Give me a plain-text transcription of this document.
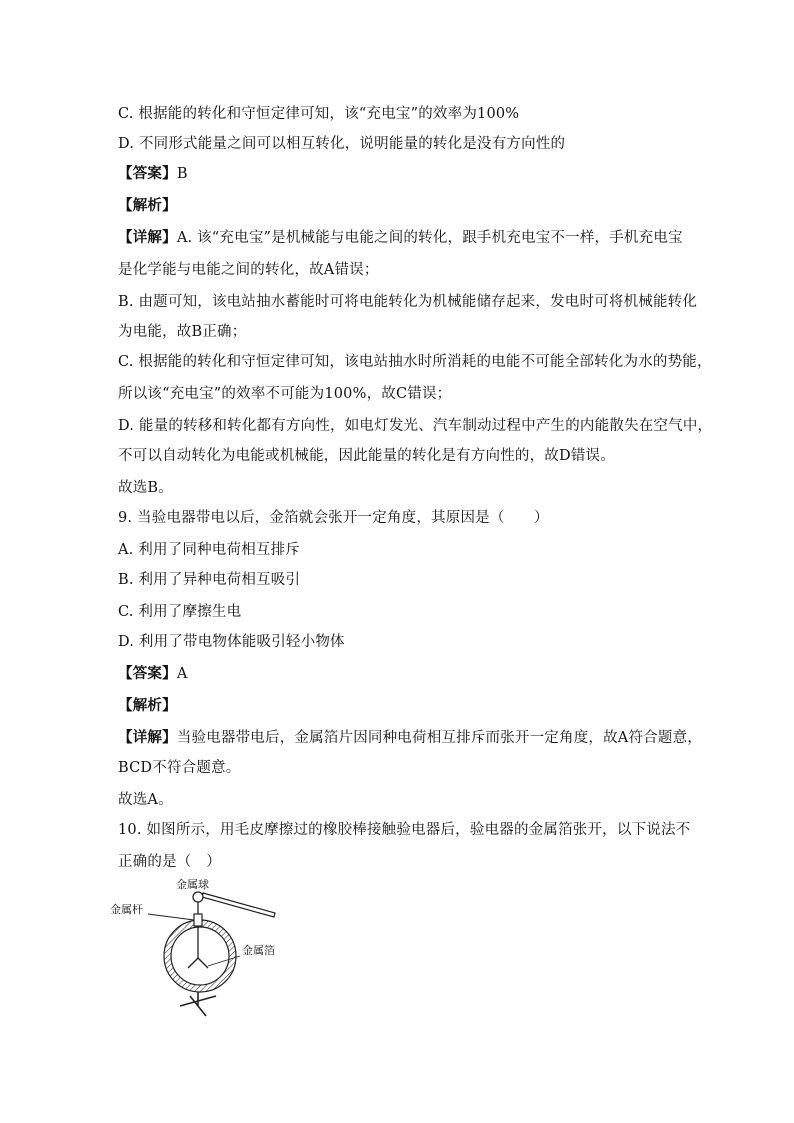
C. 根据能的转化和守恒定律可知，该“充电宝”的效率为100%
D. 不同形式能量之间可以相互转化，说明能量的转化是没有方向性的
【答案】B
【解析】
【详解】A. 该“充电宝”是机械能与电能之间的转化，跟手机充电宝不一样，手机充电宝
是化学能与电能之间的转化，故A错误；
B. 由题可知，该电站抽水蓄能时可将电能转化为机械能储存起来，发电时可将机械能转化
为电能，故B正确；
C. 根据能的转化和守恒定律可知，该电站抽水时所消耗的电能不可能全部转化为水的势能，
所以该“充电宝”的效率不可能为100%，故C错误；
D. 能量的转移和转化都有方向性，如电灯发光、汽车制动过程中产生的内能散失在空气中，
不可以自动转化为电能或机械能，因此能量的转化是有方向性的，故D错误。
故选B。
9. 当验电器带电以后，金箔就会张开一定角度，其原因是（　　）
A. 利用了同种电荷相互排斥
B. 利用了异种电荷相互吸引
C. 利用了摩擦生电
D. 利用了带电物体能吸引轻小物体
【答案】A
【解析】
【详解】当验电器带电后，金属箔片因同种电荷相互排斥而张开一定角度，故A符合题意，
BCD不符合题意。
故选A。
10. 如图所示，用毛皮摩擦过的橡胶棒接触验电器后，验电器的金属箔张开，以下说法不
正确的是（　）
金属球
金属杆
金属箔
